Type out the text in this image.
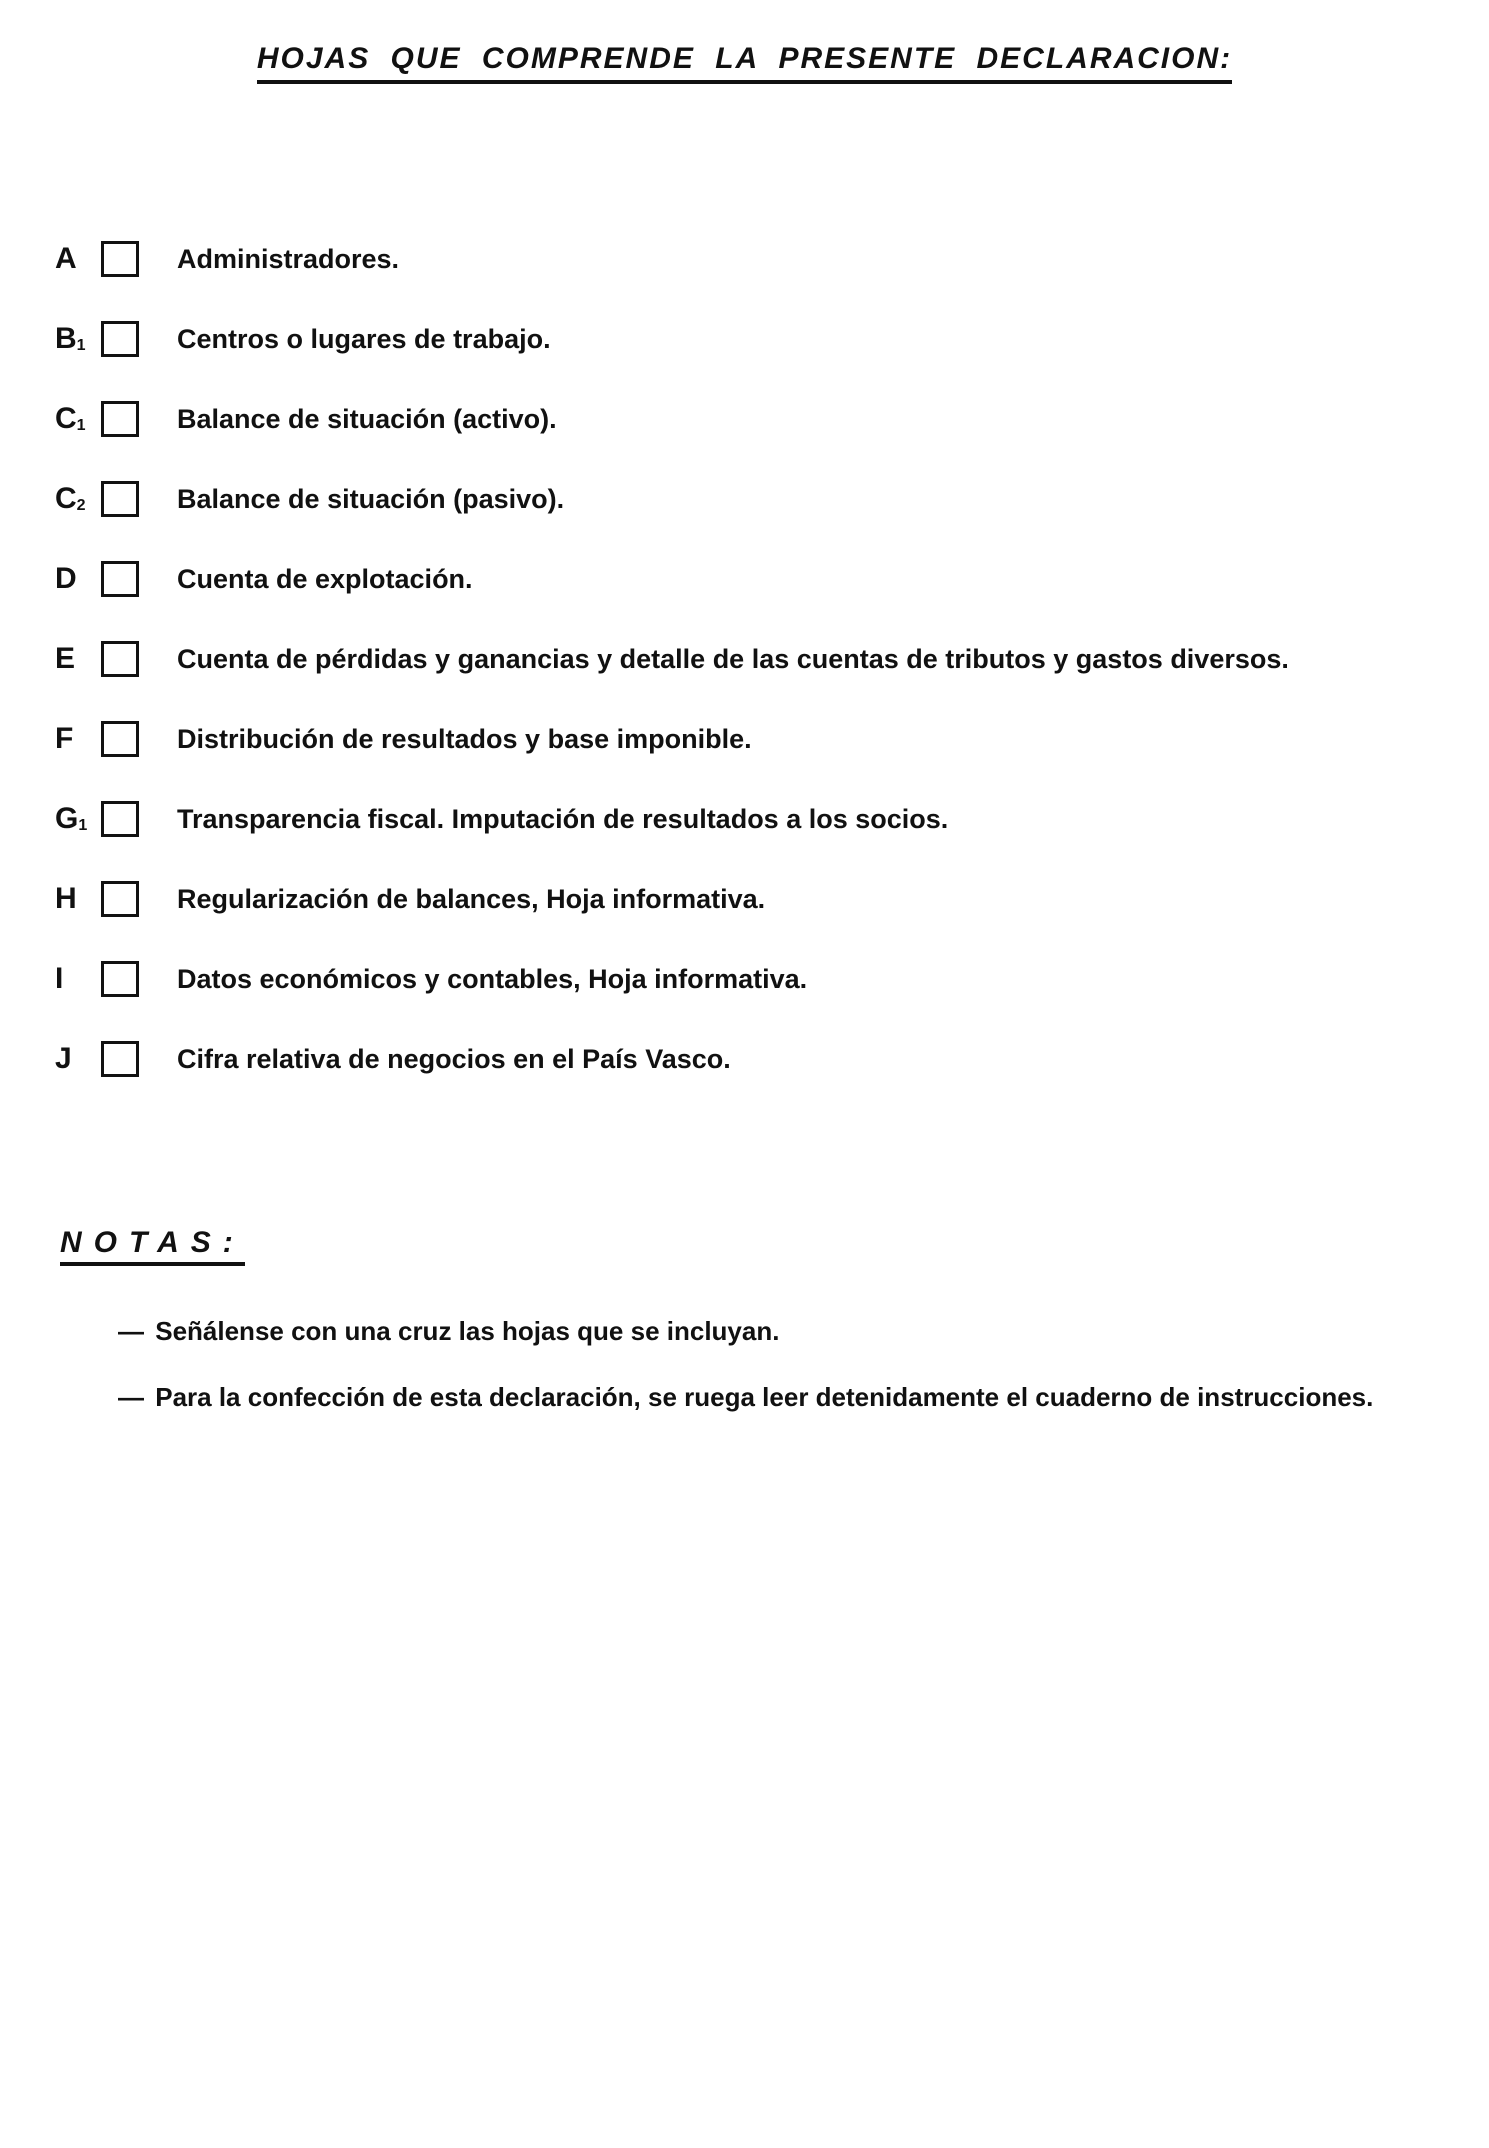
HOJAS QUE COMPRENDE LA PRESENTE DECLARACION:
A	Administradores.
$B_1$	Centros o lugares de trabajo.
$C_1$	Balance de situación (activo).
$C_2$	Balance de situación (pasivo).
D	Cuenta de explotación.
E	Cuenta de pérdidas y ganancias y detalle de las cuentas de tributos y gastos diversos.
F	Distribución de resultados y base imponible.
$G_1$	Transparencia fiscal. Imputación de resultados a los socios.
H	Regularización de balances, Hoja informativa.
I	Datos económicos y contables, Hoja informativa.
J	Cifra relativa de negocios en el País Vasco.
NOTAS:
— Señálense con una cruz las hojas que se incluyan.
— Para la confección de esta declaración, se ruega leer detenidamente el cuaderno de instrucciones.
